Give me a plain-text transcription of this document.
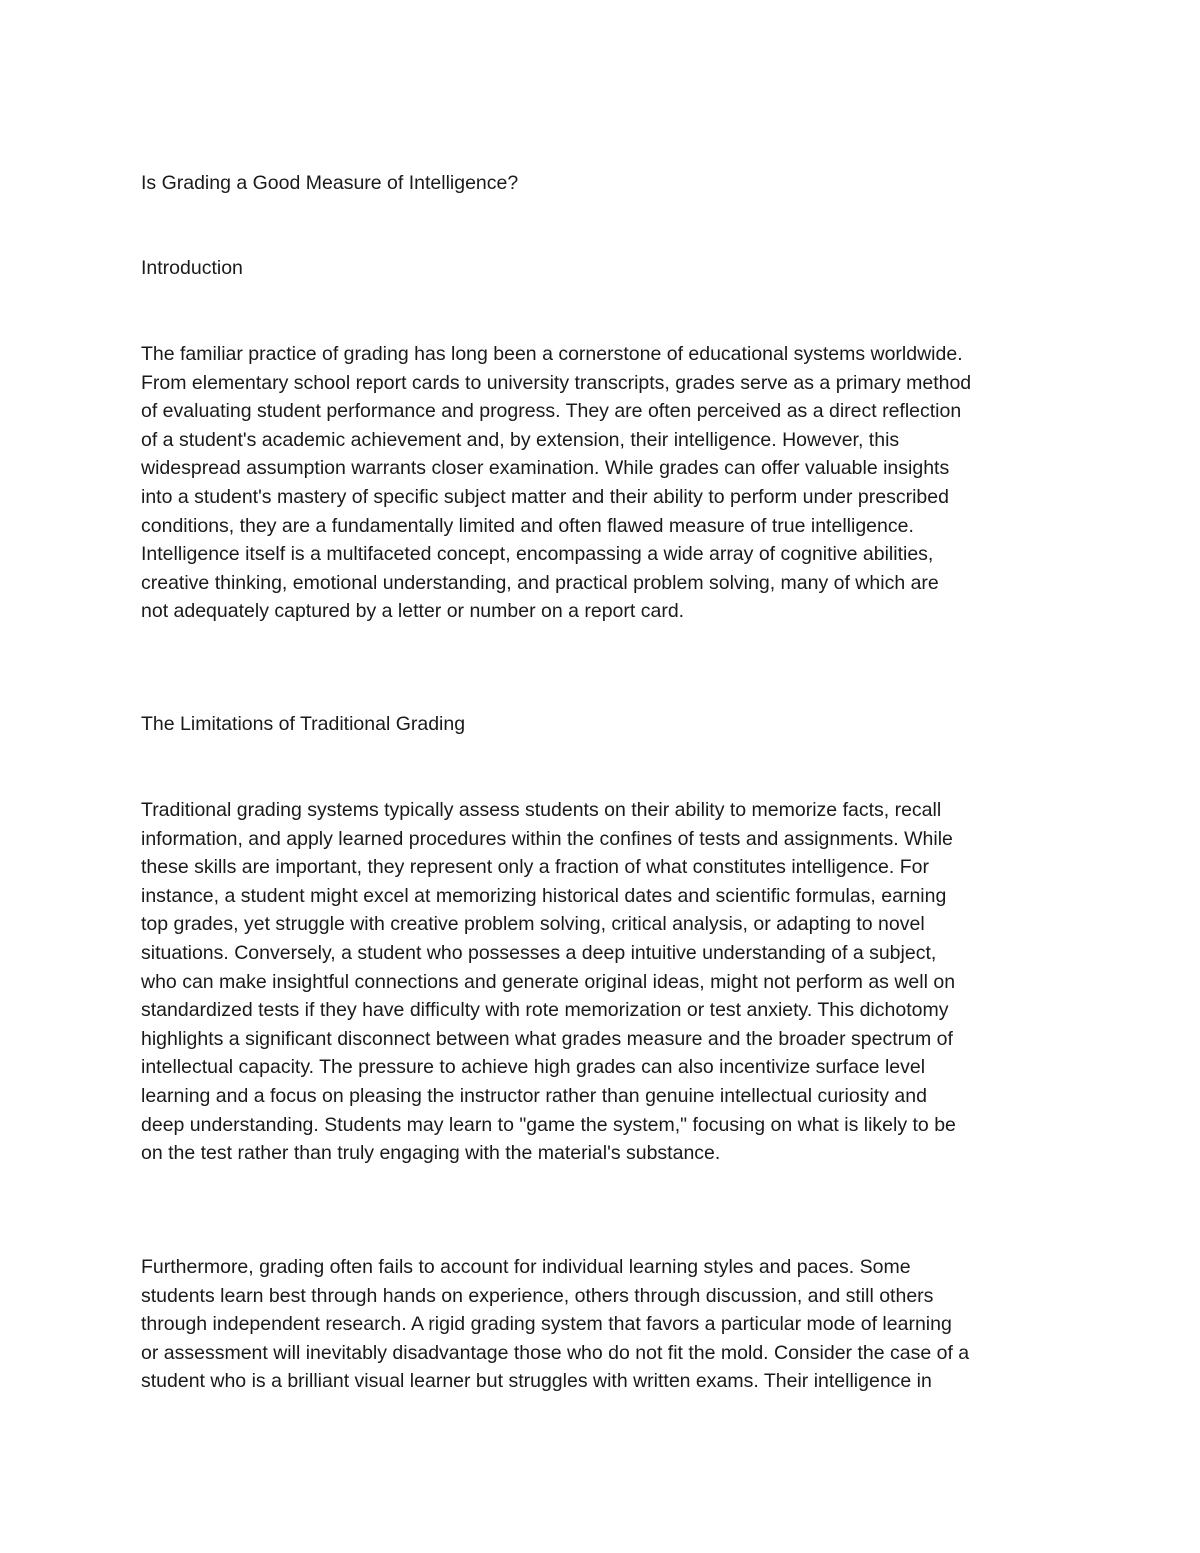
Is Grading a Good Measure of Intelligence?

Introduction

The familiar practice of grading has long been a cornerstone of educational systems worldwide.
From elementary school report cards to university transcripts, grades serve as a primary method
of evaluating student performance and progress. They are often perceived as a direct reflection
of a student's academic achievement and, by extension, their intelligence. However, this
widespread assumption warrants closer examination. While grades can offer valuable insights
into a student's mastery of specific subject matter and their ability to perform under prescribed
conditions, they are a fundamentally limited and often flawed measure of true intelligence.
Intelligence itself is a multifaceted concept, encompassing a wide array of cognitive abilities,
creative thinking, emotional understanding, and practical problem solving, many of which are
not adequately captured by a letter or number on a report card.

The Limitations of Traditional Grading

Traditional grading systems typically assess students on their ability to memorize facts, recall
information, and apply learned procedures within the confines of tests and assignments. While
these skills are important, they represent only a fraction of what constitutes intelligence. For
instance, a student might excel at memorizing historical dates and scientific formulas, earning
top grades, yet struggle with creative problem solving, critical analysis, or adapting to novel
situations. Conversely, a student who possesses a deep intuitive understanding of a subject,
who can make insightful connections and generate original ideas, might not perform as well on
standardized tests if they have difficulty with rote memorization or test anxiety. This dichotomy
highlights a significant disconnect between what grades measure and the broader spectrum of
intellectual capacity. The pressure to achieve high grades can also incentivize surface level
learning and a focus on pleasing the instructor rather than genuine intellectual curiosity and
deep understanding. Students may learn to "game the system," focusing on what is likely to be
on the test rather than truly engaging with the material's substance.

Furthermore, grading often fails to account for individual learning styles and paces. Some
students learn best through hands on experience, others through discussion, and still others
through independent research. A rigid grading system that favors a particular mode of learning
or assessment will inevitably disadvantage those who do not fit the mold. Consider the case of a
student who is a brilliant visual learner but struggles with written exams. Their intelligence in
